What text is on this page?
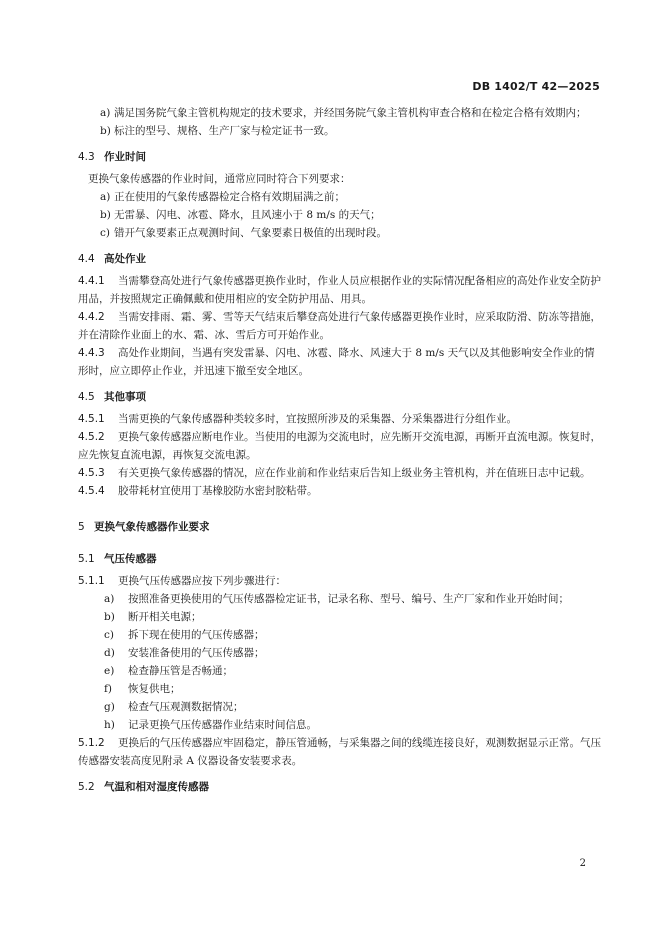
DB 1402/T 42—2025
a) 满足国务院气象主管机构规定的技术要求，并经国务院气象主管机构审查合格和在检定合格有效期内；
b) 标注的型号、规格、生产厂家与检定证书一致。
4.3 作业时间
更换气象传感器的作业时间，通常应同时符合下列要求：
a) 正在使用的气象传感器检定合格有效期届满之前；
b) 无雷暴、闪电、冰雹、降水，且风速小于 8 m/s 的天气；
c) 错开气象要素正点观测时间、气象要素日极值的出现时段。
4.4 高处作业
4.4.1 当需攀登高处进行气象传感器更换作业时，作业人员应根据作业的实际情况配备相应的高处作业安全防护用品，并按照规定正确佩戴和使用相应的安全防护用品、用具。
4.4.2 当需安排雨、霜、雾、雪等天气结束后攀登高处进行气象传感器更换作业时，应采取防滑、防冻等措施，并在清除作业面上的水、霜、冰、雪后方可开始作业。
4.4.3 高处作业期间，当遇有突发雷暴、闪电、冰雹、降水、风速大于 8 m/s 天气以及其他影响安全作业的情形时，应立即停止作业，并迅速下撤至安全地区。
4.5 其他事项
4.5.1 当需更换的气象传感器种类较多时，宜按照所涉及的采集器、分采集器进行分组作业。
4.5.2 更换气象传感器应断电作业。当使用的电源为交流电时，应先断开交流电源，再断开直流电源。恢复时，应先恢复直流电源，再恢复交流电源。
4.5.3 有关更换气象传感器的情况，应在作业前和作业结束后告知上级业务主管机构，并在值班日志中记载。
4.5.4 胶带耗材宜使用丁基橡胶防水密封胶粘带。
5 更换气象传感器作业要求
5.1 气压传感器
5.1.1 更换气压传感器应按下列步骤进行：
a) 按照准备更换使用的气压传感器检定证书，记录名称、型号、编号、生产厂家和作业开始时间；
b) 断开相关电源；
c) 拆下现在使用的气压传感器；
d) 安装准备使用的气压传感器；
e) 检查静压管是否畅通；
f) 恢复供电；
g) 检查气压观测数据情况；
h) 记录更换气压传感器作业结束时间信息。
5.1.2 更换后的气压传感器应牢固稳定，静压管通畅，与采集器之间的线缆连接良好，观测数据显示正常。气压传感器安装高度见附录 A 仪器设备安装要求表。
5.2 气温和相对湿度传感器
2
